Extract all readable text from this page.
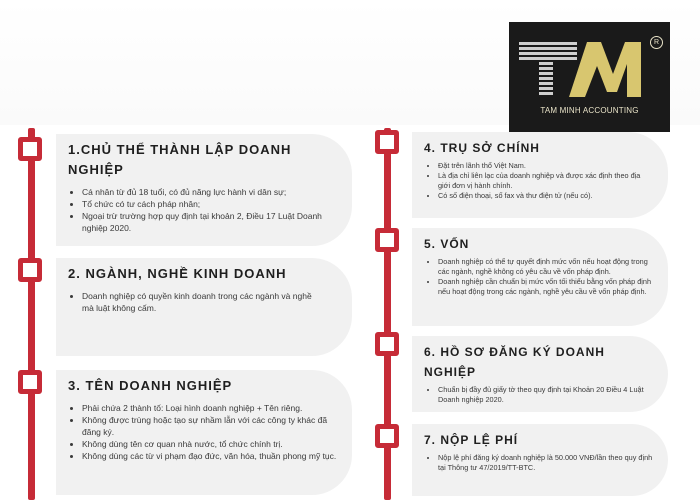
R
TAM MINH ACCOUNTING
1.CHỦ THỂ THÀNH LẬP DOANH NGHIỆP
• Cá nhân từ đủ 18 tuổi, có đủ năng lực hành vi dân sự;
• Tổ chức có tư cách pháp nhân;
• Ngoại trừ trường hợp quy định tại khoản 2, Điều 17 Luật Doanh nghiệp 2020.
2. NGÀNH, NGHỀ KINH DOANH
• Doanh nghiệp có quyền kinh doanh trong các ngành và nghề mà luật không cấm.
3. TÊN DOANH NGHIỆP
• Phải chứa 2 thành tố: Loại hình doanh nghiệp + Tên riêng.
• Không được trùng hoặc tạo sự nhầm lẫn với các công ty khác đã đăng ký.
• Không dùng tên cơ quan nhà nước, tổ chức chính trị.
• Không dùng các từ vi phạm đạo đức, văn hóa, thuần phong mỹ tục.
4. TRỤ SỞ CHÍNH
• Đặt trên lãnh thổ Việt Nam.
• Là địa chỉ liên lạc của doanh nghiệp và được xác định theo địa giới đơn vị hành chính.
• Có số điện thoại, số fax và thư điện tử (nếu có).
5. VỐN
• Doanh nghiệp có thể tự quyết định mức vốn nếu hoạt động trong các ngành, nghề không có yêu cầu về vốn pháp định.
• Doanh nghiệp cần chuẩn bị mức vốn tối thiểu bằng vốn pháp định nếu hoạt động trong các ngành, nghề yêu cầu về vốn pháp định.
6. HỒ SƠ ĐĂNG KÝ DOANH NGHIỆP
• Chuẩn bị đầy đủ giấy tờ theo quy định tại Khoản 20 Điều 4 Luật Doanh nghiệp 2020.
7. NỘP LỆ PHÍ
• Nộp lệ phí đăng ký doanh nghiệp là 50.000 VNĐ/lần theo quy định tại Thông tư 47/2019/TT-BTC.
